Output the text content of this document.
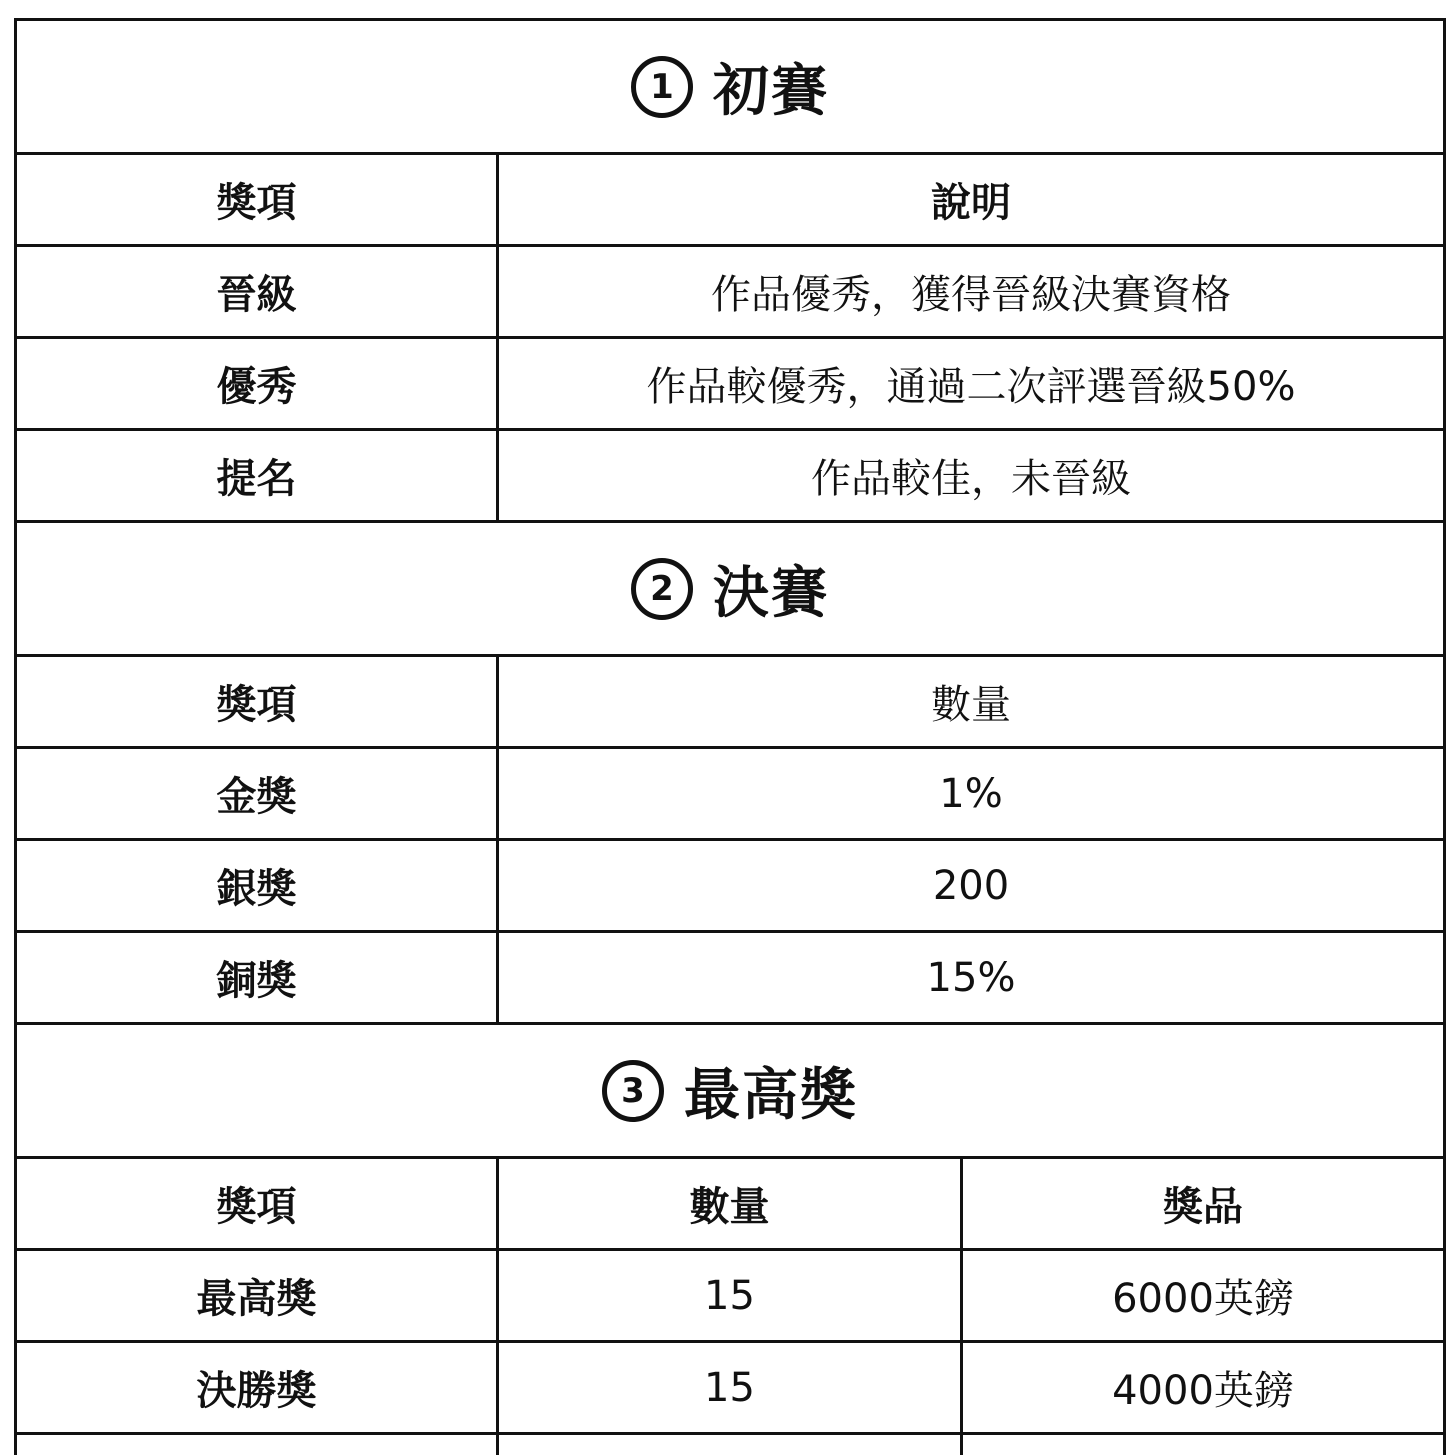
1 初賽
獎項	說明
晉級	作品優秀，獲得晉級決賽資格
優秀	作品較優秀，通過二次評選晉級50%
提名	作品較佳，未晉級
2 決賽
獎項	數量
金獎	1%
銀獎	200
銅獎	15%
3 最高獎
獎項	數量	獎品
最高獎	15	6000英鎊
決勝獎	15	4000英鎊
